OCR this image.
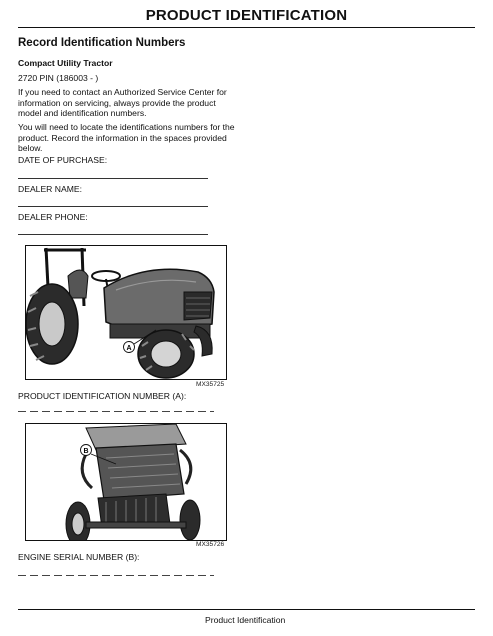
PRODUCT IDENTIFICATION
Record Identification Numbers
Compact Utility Tractor
2720 PIN (186003 - )
If you need to contact an Authorized Service Center for information on servicing, always provide the product model and identification numbers.
You will need to locate the identifications numbers for the product. Record the information in the spaces provided below.
DATE OF PURCHASE:
DEALER NAME:
DEALER PHONE:
A
MX35725
PRODUCT IDENTIFICATION NUMBER (A):
B
MX35726
ENGINE SERIAL NUMBER (B):
Product Identification
